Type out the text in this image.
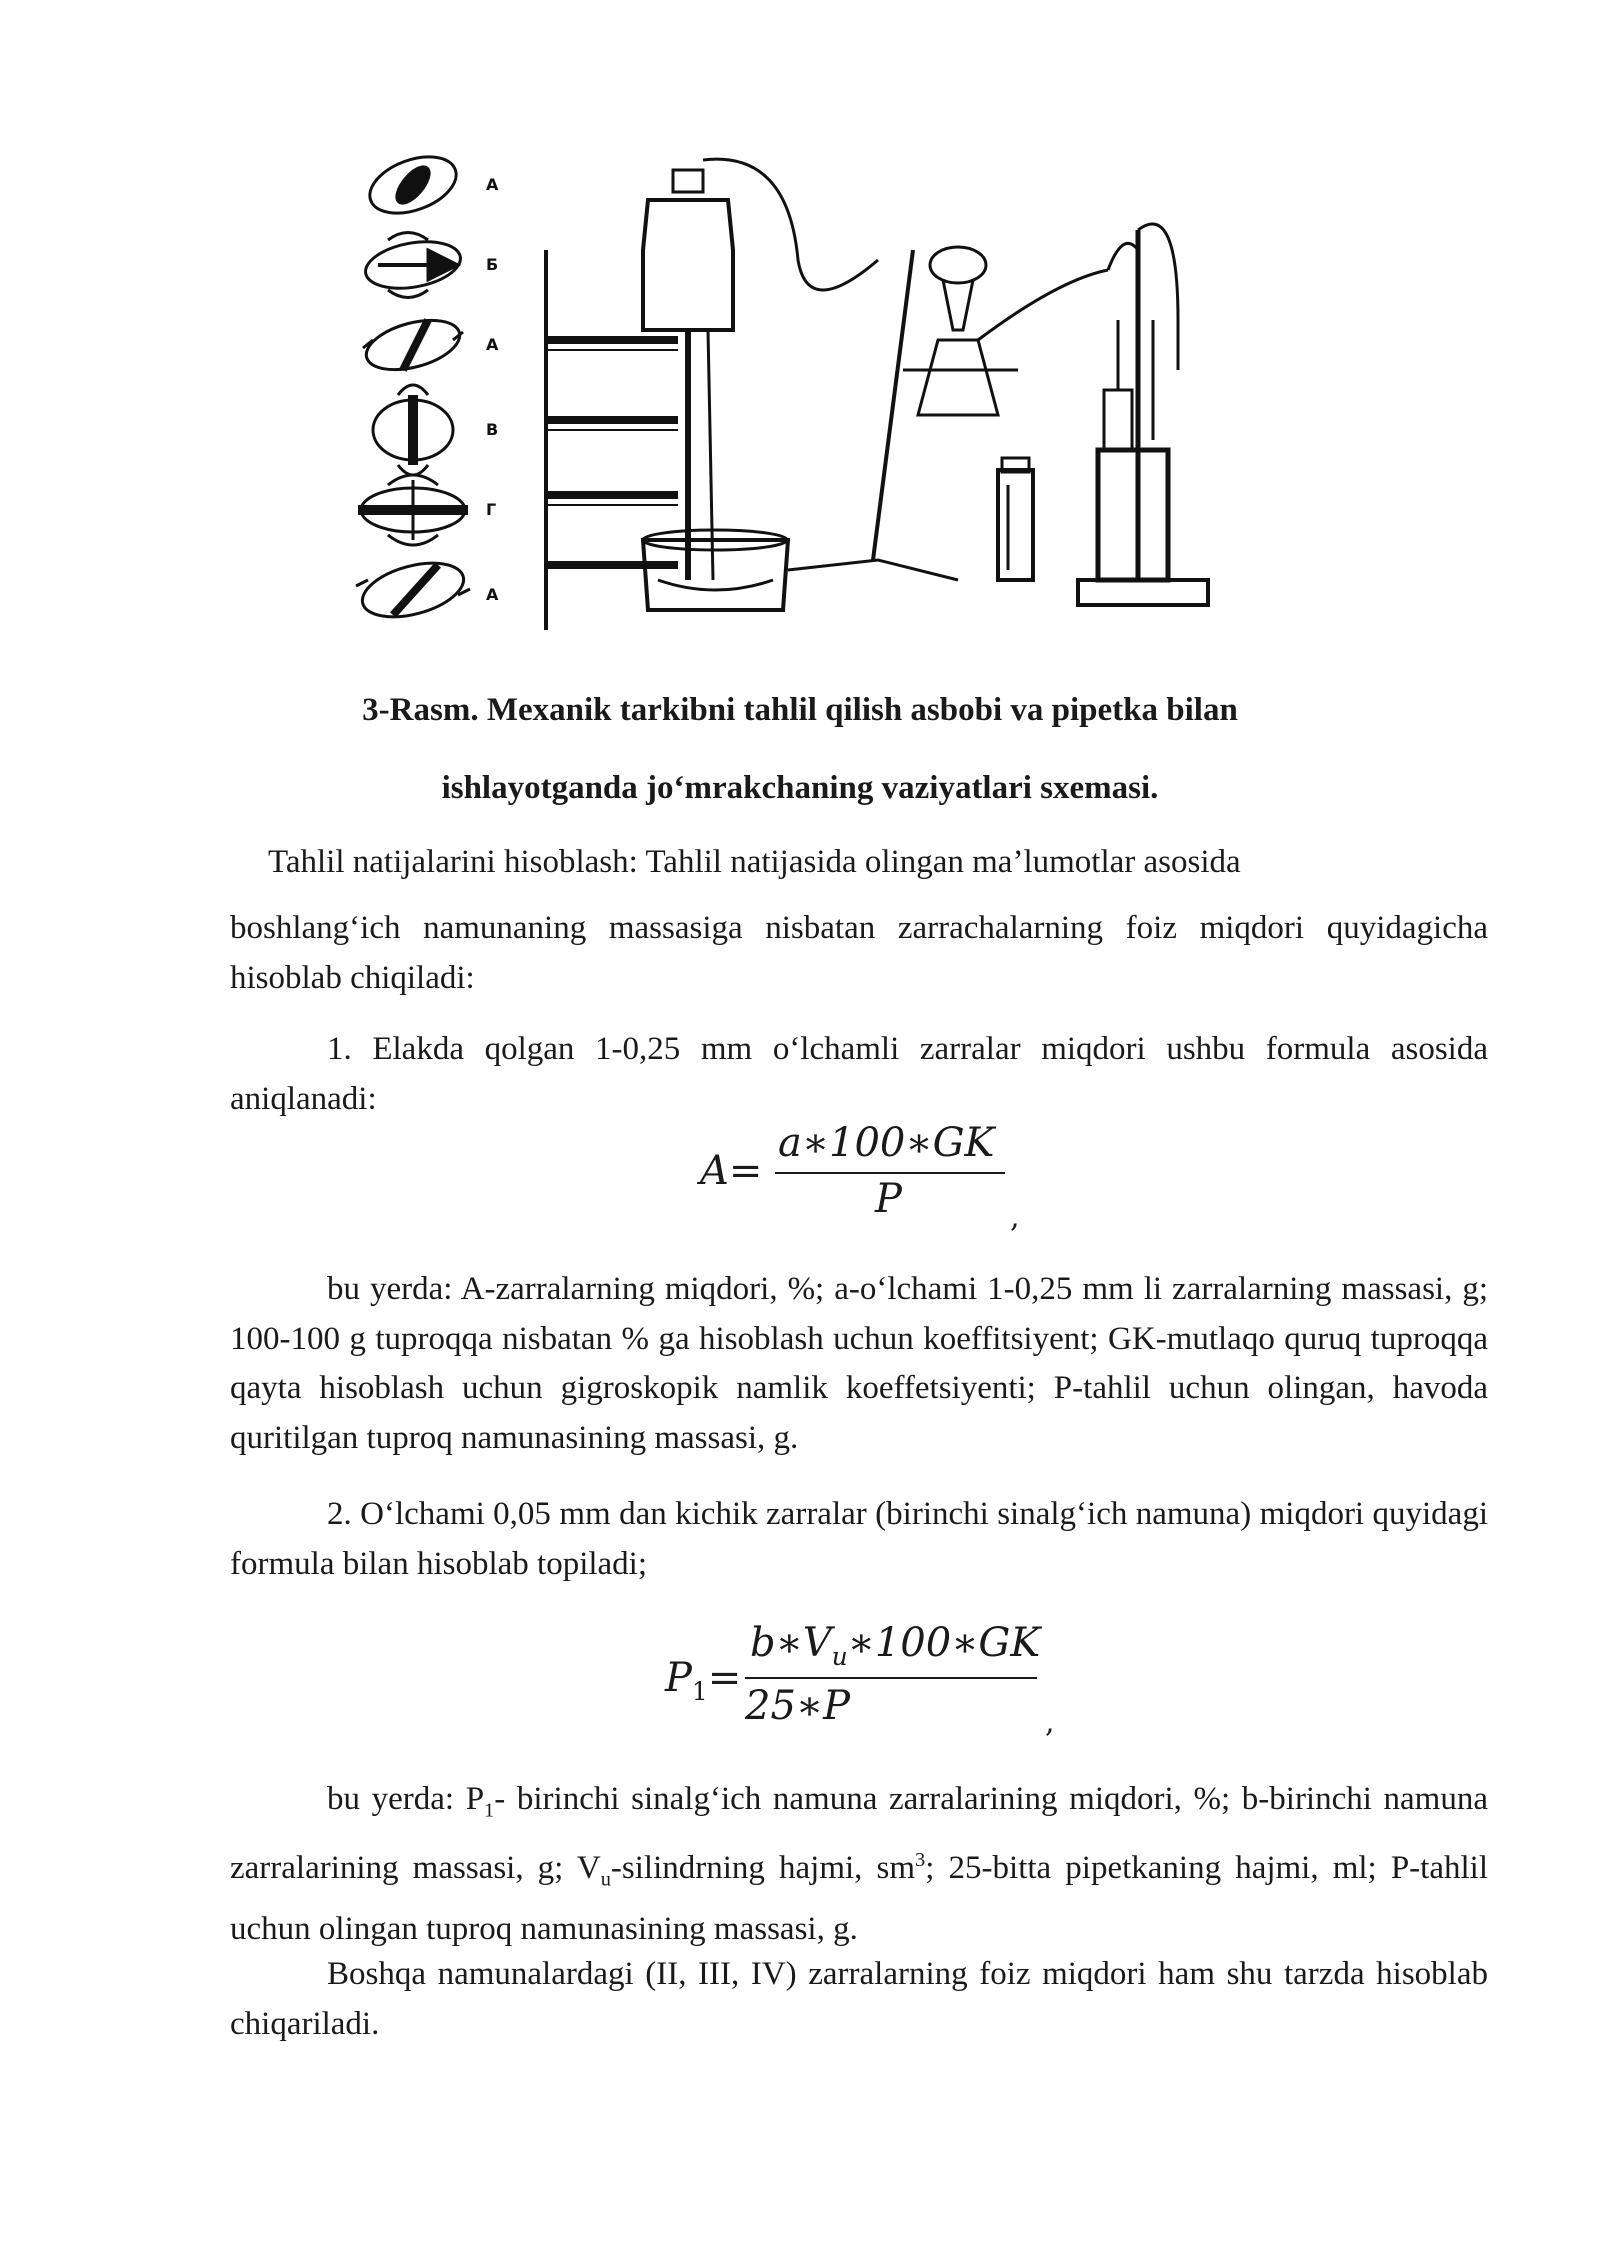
А
Б
А
В
Г
А
3-Rasm. Mexanik tarkibni tahlil qilish asbobi va pipetka bilan
ishlayotganda jo‘mrakchaning vaziyatlari sxemasi.
Tahlil natijalarini hisoblash: Tahlil natijasida olingan ma’lumotlar asosida
boshlang‘ich namunaning massasiga nisbatan zarrachalarning foiz miqdori quyidagicha hisoblab chiqiladi:
1. Elakda qolgan 1-0,25 mm o‘lchamli zarralar miqdori ushbu formula asosida aniqlanadi:
A=
a∗100∗GK
P	,
bu yerda: A-zarralarning miqdori, %; a-o‘lchami 1-0,25 mm li zarralarning massasi, g; 100-100 g tuproqqa nisbatan % ga hisoblash uchun koeffitsiyent; GK-mutlaqo quruq tuproqqa qayta hisoblash uchun gigroskopik namlik koeffetsiyenti; P-tahlil uchun olingan, havoda quritilgan tuproq namunasining massasi, g.
2. O‘lchami 0,05 mm dan kichik zarralar (birinchi sinalg‘ich namuna) miqdori quyidagi formula bilan hisoblab topiladi;
$P_1=$
$b∗V_u∗100∗GK$
25∗P	,
bu yerda: $P_1-$ birinchi sinalg‘ich namuna zarralarining miqdori, %; b-birinchi namuna zarralarining massasi, g; $V_u$-silindrning hajmi, $sm^3$; 25-bitta pipetkaning hajmi, ml; P-tahlil uchun olingan tuproq namunasining massasi, g.
Boshqa namunalardagi (II, III, IV) zarralarning foiz miqdori ham shu tarzda hisoblab chiqariladi.
